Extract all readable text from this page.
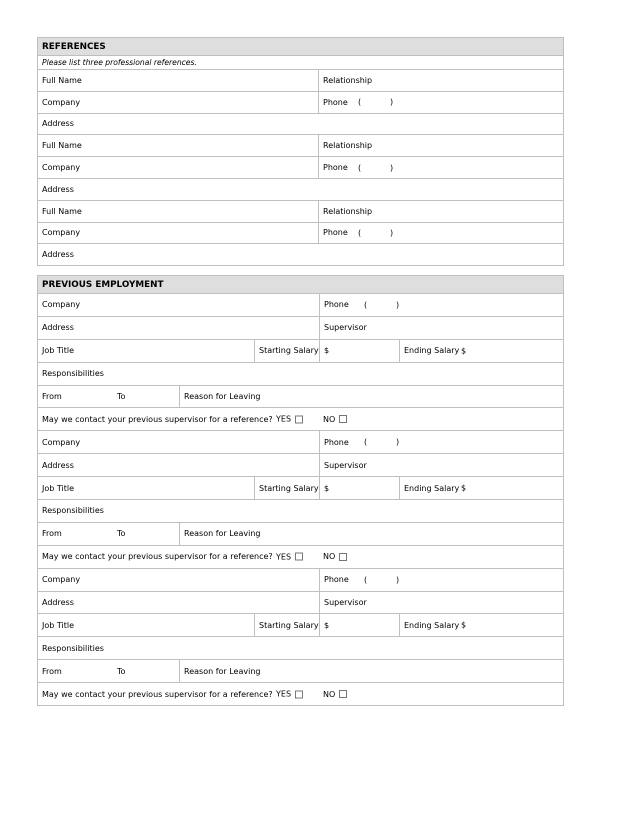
REFERENCES
Please list three professional references.
Full Name	Relationship
Company	Phone (	)
Address
Full Name	Relationship
Company	Phone (	)
Address
Full Name	Relationship
Company	Phone (	)
Address
PREVIOUS EMPLOYMENT
Company	Phone (	)
Address	Supervisor
Job Title	Starting Salary $	Ending Salary $
Responsibilities
From	To	Reason for Leaving
May we contact your previous supervisor for a reference? YES	NO
Company	Phone (	)
Address	Supervisor
Job Title	Starting Salary $	Ending Salary $
Responsibilities
From	To	Reason for Leaving
May we contact your previous supervisor for a reference? YES	NO
Company	Phone (	)
Address	Supervisor
Job Title	Starting Salary $	Ending Salary $
Responsibilities
From	To	Reason for Leaving
May we contact your previous supervisor for a reference? YES	NO
